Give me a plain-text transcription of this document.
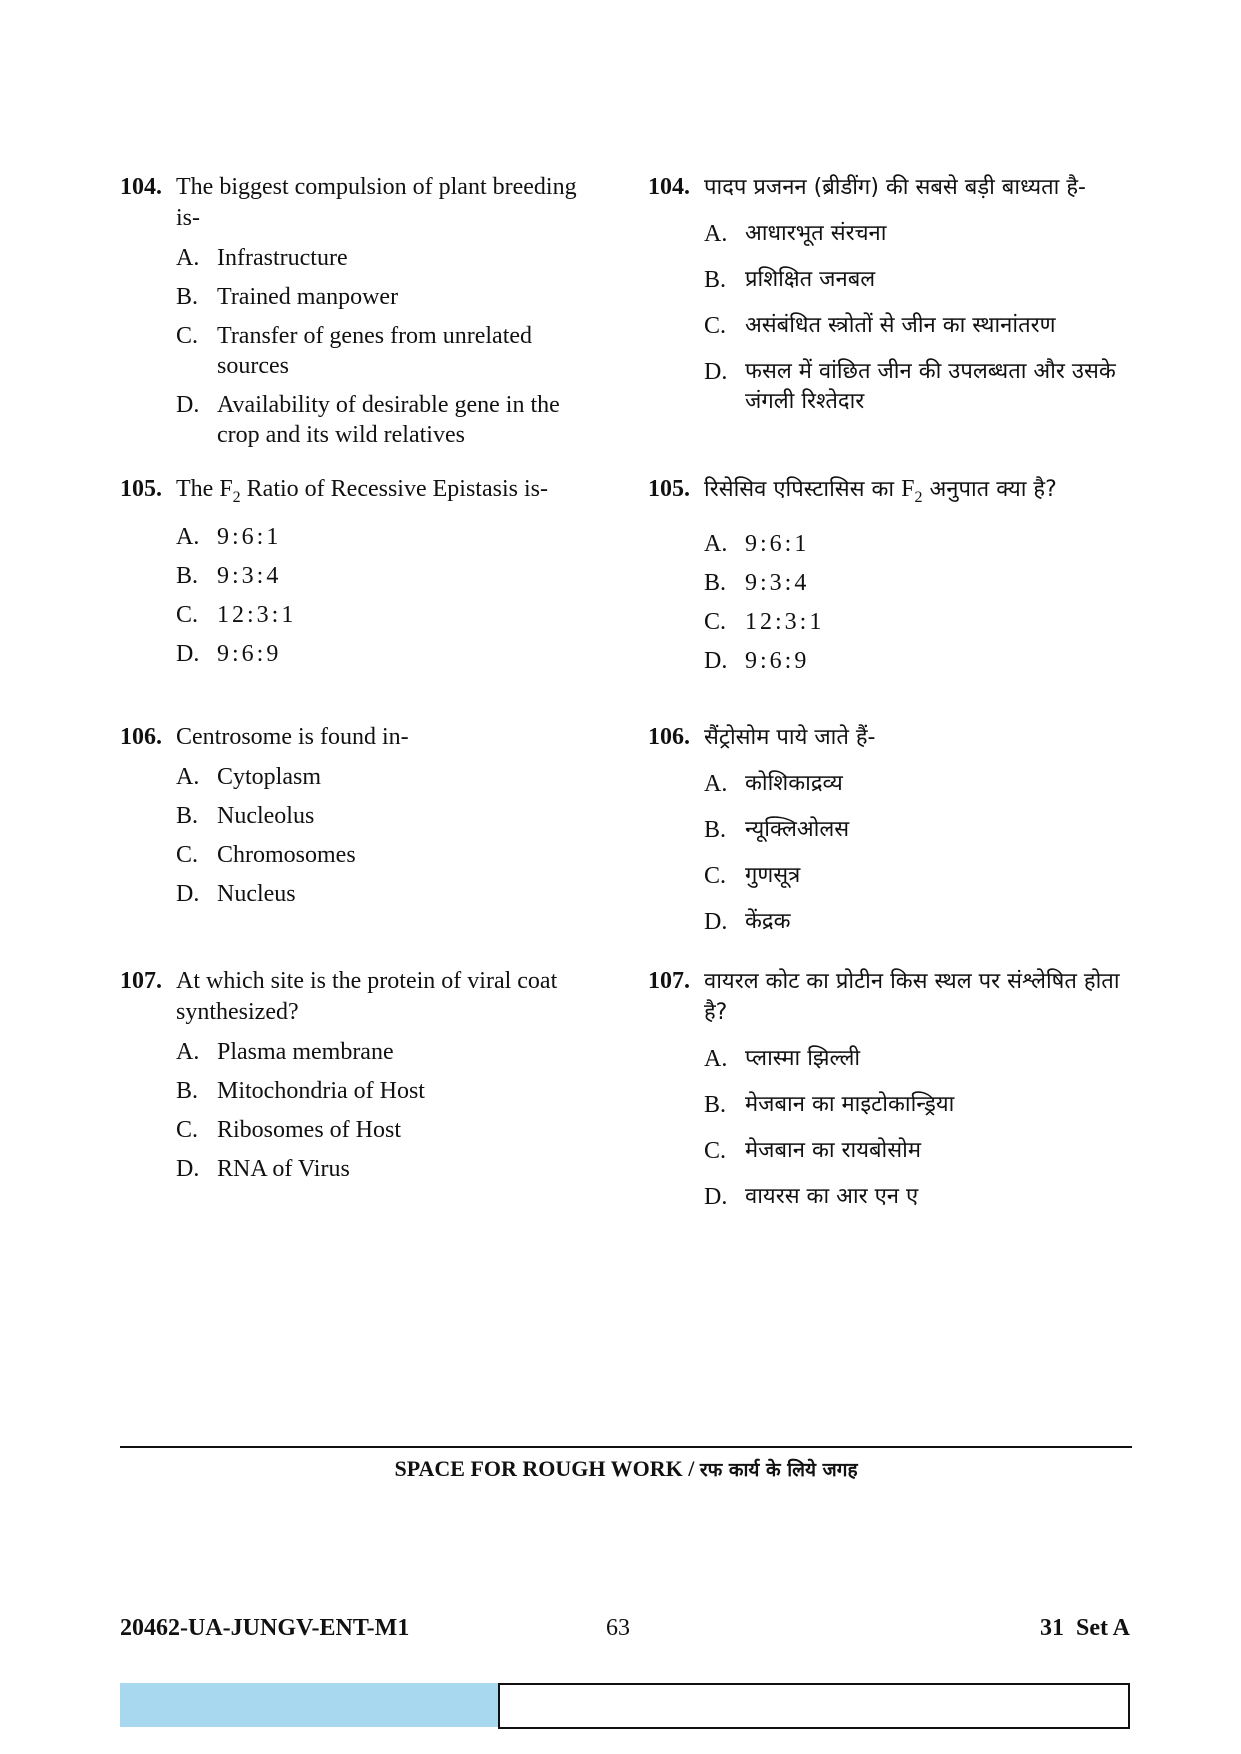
104. The biggest compulsion of plant breeding is-
A. Infrastructure
B. Trained manpower
C. Transfer of genes from unrelated sources
D. Availability of desirable gene in the crop and its wild relatives
105. The $F_2$ Ratio of Recessive Epistasis is-
A. 9:6:1
B. 9:3:4
C. 12:3:1
D. 9:6:9
106. Centrosome is found in-
A. Cytoplasm
B. Nucleolus
C. Chromosomes
D. Nucleus
107. At which site is the protein of viral coat synthesized?
A. Plasma membrane
B. Mitochondria of Host
C. Ribosomes of Host
D. RNA of Virus
104. पादप प्रजनन (ब्रीडींग) की सबसे बड़ी बाध्यता है-
A. आधारभूत संरचना
B. प्रशिक्षित जनबल
C. असंबंधित स्त्रोतों से जीन का स्थानांतरण
D. फसल में वांछित जीन की उपलब्धता और उसके जंगली रिश्तेदार
105. रिसेसिव एपिस्टासिस का $F_2$ अनुपात क्या है?
A. 9:6:1
B. 9:3:4
C. 12:3:1
D. 9:6:9
106. सैंट्रोसोम पाये जाते हैं-
A. कोशिकाद्रव्य
B. न्यूक्लिओलस
C. गुणसूत्र
D. केंद्रक
107. वायरल कोट का प्रोटीन किस स्थल पर संश्लेषित होता है?
A. प्लास्मा झिल्ली
B. मेजबान का माइटोकान्ड्रिया
C. मेजबान का रायबोसोम
D. वायरस का आर एन ए
SPACE FOR ROUGH WORK / रफ कार्य के लिये जगह
20462-UA-JUNGV-ENT-M1	63	31  Set A
